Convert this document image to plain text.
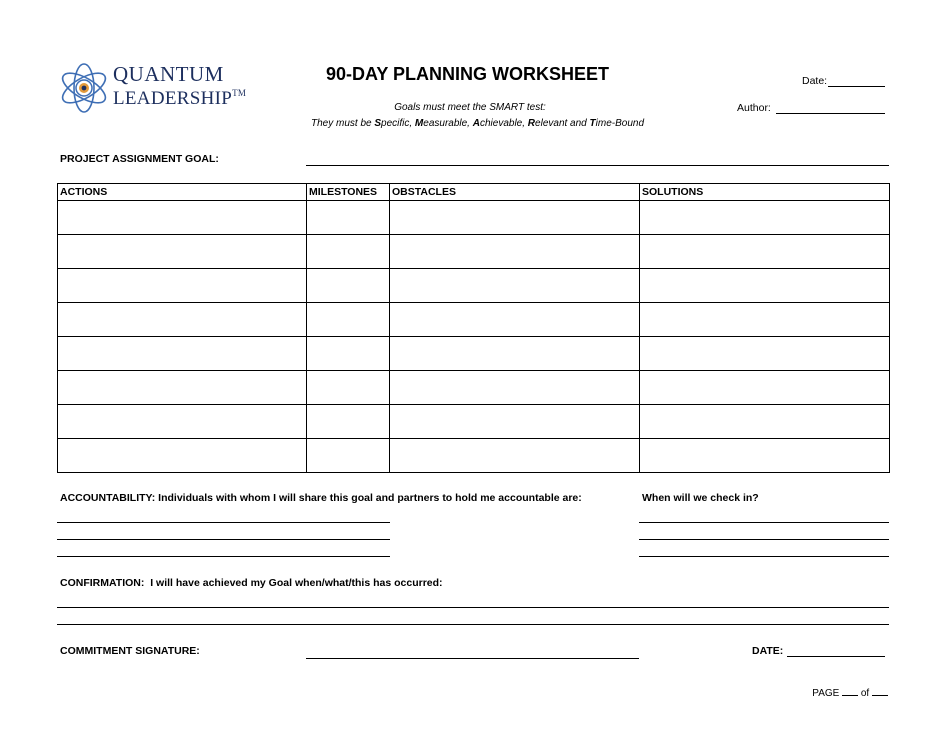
QUANTUM
LEADERSHIP™
90-DAY PLANNING WORKSHEET
Goals must meet the SMART test:
They must be Specific, Measurable, Achievable, Relevant and Time-Bound
Date:
Author:
PROJECT ASSIGNMENT GOAL:
ACTIONS	MILESTONES	OBSTACLES	SOLUTIONS

ACCOUNTABILITY: Individuals with whom I will share this goal and partners to hold me accountable are:	When will we check in?
CONFIRMATION:  I will have achieved my Goal when/what/this has occurred:
COMMITMENT SIGNATURE:	DATE:
PAGE of
